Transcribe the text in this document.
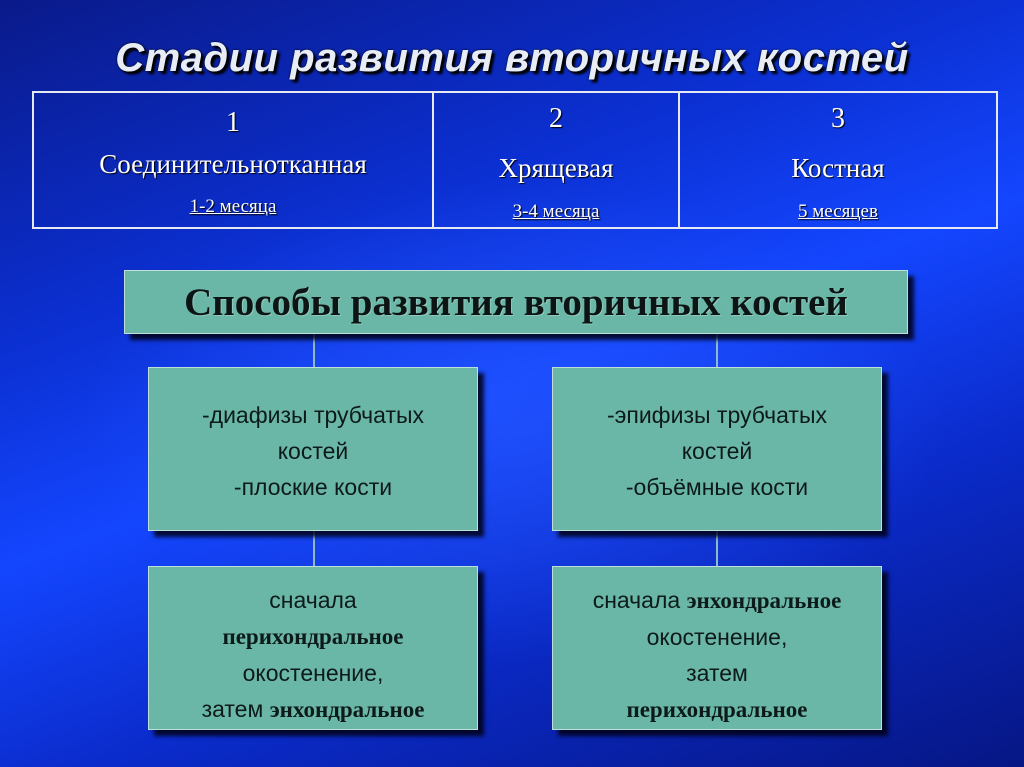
Стадии развития вторичных костей
1
Соединительнотканная
1-2 месяца
2
Хрящевая
3-4 месяца
3
Костная
5 месяцев
Способы развития вторичных костей
-диафизы трубчатых
костей
-плоские кости
-эпифизы трубчатых
костей
-объёмные кости
сначала
перихондральное
окостенение,
затем энхондральное
сначала энхондральное
окостенение,
затем
перихондральное
